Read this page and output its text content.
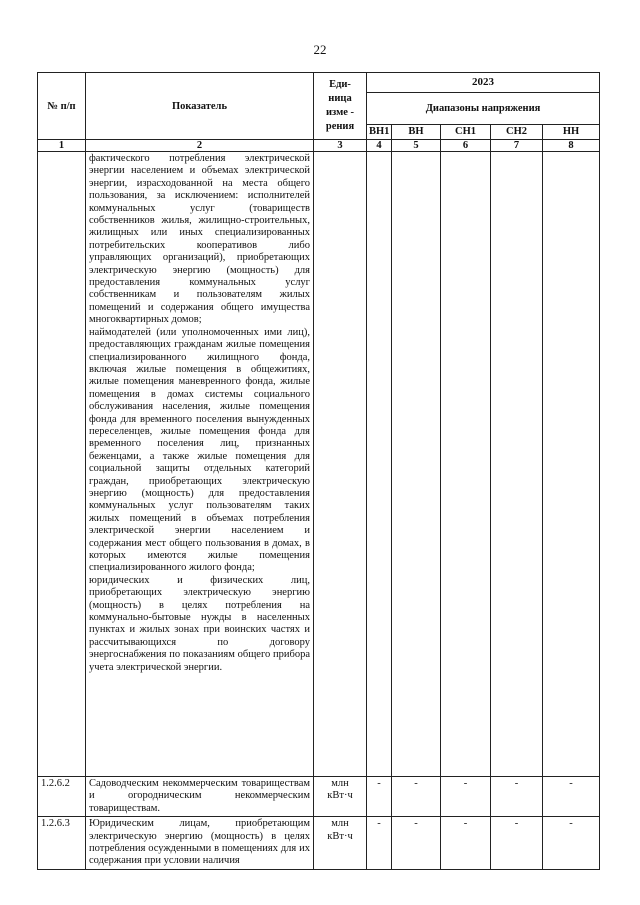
22
№ п/п	Показатель	Еди-
ница
изме -
рения	2023				
			Диапазоны напряжения				
			ВН1	ВН	СН1	СН2	НН
1	2	3	4	5	6	7	8

	фактического потребления электрической энергии населением и объемах электрической энергии, израсходованной на места общего пользования, за исключением: исполнителей коммунальных услуг (товариществ собственников жилья, жилищно-строительных, жилищных или иных специализированных потребительских кооперативов либо управляющих организаций), приобретающих электрическую энергию (мощность) для предоставления коммунальных услуг собственникам и пользователям жилых помещений и содержания общего имущества многоквартирных домов;

наймодателей (или уполномоченных ими лиц), предоставляющих гражданам жилые помещения специализированного жилищного фонда, включая жилые помещения в общежитиях, жилые помещения маневренного фонда, жилые помещения в домах системы социального обслуживания населения, жилые помещения фонда для временного поселения вынужденных переселенцев, жилые помещения фонда для временного поселения лиц, признанных беженцами, а также жилые помещения для социальной защиты отдельных категорий граждан, приобретающих электрическую энергию (мощность) для предоставления коммунальных услуг пользователям таких жилых помещений в объемах потребления электрической энергии населением и содержания мест общего пользования в домах, в которых имеются жилые помещения специализированного жилого фонда;

юридических и физических лиц, приобретающих электрическую энергию (мощность) в целях потребления на коммунально-бытовые нужды в населенных пунктах и жилых зонах при воинских частях и рассчитывающихся по договору энергоснабжения по показаниям общего прибора учета электрической энергии.						

1.2.6.2	Садоводческим некоммерческим товариществам и огородническим некоммерческим товариществам.	млн
кВт·ч	-	-	-	-	-
1.2.6.3	Юридическим лицам, приобретающим электрическую энергию (мощность) в целях потребления осужденными в помещениях для их содержания при условии наличия	млн
кВт·ч	-	-	-	-	-
